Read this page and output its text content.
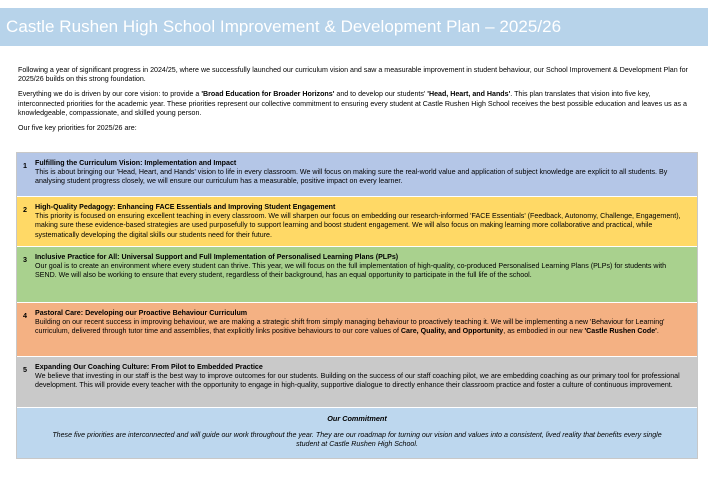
Castle Rushen High School Improvement & Development Plan – 2025/26

Following a year of significant progress in 2024/25, where we successfully launched our curriculum vision and saw a measurable improvement in student behaviour, our School Improvement & Development Plan for 2025/26 builds on this strong foundation.

Everything we do is driven by our core vision: to provide a 'Broad Education for Broader Horizons' and to develop our students' 'Head, Heart, and Hands'. This plan translates that vision into five key, interconnected priorities for the academic year. These priorities represent our collective commitment to ensuring every student at Castle Rushen High School receives the best possible education and leaves us as a knowledgeable, compassionate, and skilled young person.

Our five key priorities for 2025/26 are:

1	Fulfilling the Curriculum Vision: Implementation and Impact
This is about bringing our 'Head, Heart, and Hands' vision to life in every classroom. We will focus on making sure the real-world value and application of subject knowledge are explicit to all students. By analysing student progress closely, we will ensure our curriculum has a measurable, positive impact on every learner.
2	High-Quality Pedagogy: Enhancing FACE Essentials and Improving Student Engagement
This priority is focused on ensuring excellent teaching in every classroom. We will sharpen our focus on embedding our research-informed 'FACE Essentials' (Feedback, Autonomy, Challenge, Engagement), making sure these evidence-based strategies are used purposefully to support learning and boost student engagement. We will also focus on making learning more collaborative and practical, while systematically developing the digital skills our students need for their future.
3	Inclusive Practice for All: Universal Support and Full Implementation of Personalised Learning Plans (PLPs)
Our goal is to create an environment where every student can thrive. This year, we will focus on the full implementation of high-quality, co-produced Personalised Learning Plans (PLPs) for students with SEND. We will also be working to ensure that every student, regardless of their background, has an equal opportunity to participate in the full life of the school.
4	Pastoral Care: Developing our Proactive Behaviour Curriculum
Building on our recent success in improving behaviour, we are making a strategic shift from simply managing behaviour to proactively teaching it. We will be implementing a new 'Behaviour for Learning' curriculum, delivered through tutor time and assemblies, that explicitly links positive behaviours to our core values of Care, Quality, and Opportunity, as embodied in our new 'Castle Rushen Code'.
5	Expanding Our Coaching Culture: From Pilot to Embedded Practice
We believe that investing in our staff is the best way to improve outcomes for our students. Building on the success of our staff coaching pilot, we are embedding coaching as our primary tool for professional development. This will provide every teacher with the opportunity to engage in high-quality, supportive dialogue to directly enhance their classroom practice and foster a culture of continuous improvement.
Our Commitment
These five priorities are interconnected and will guide our work throughout the year. They are our roadmap for turning our vision and values into a consistent, lived reality that benefits every single student at Castle Rushen High School.
